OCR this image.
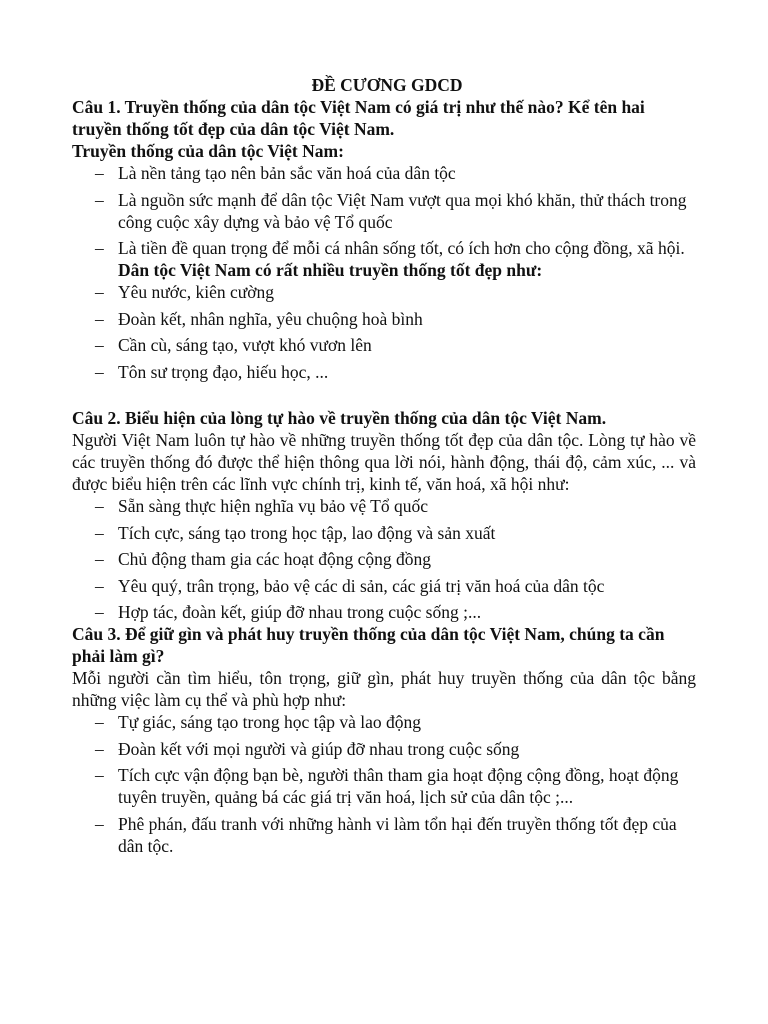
ĐỀ CƯƠNG GDCD

Câu 1. Truyền thống của dân tộc Việt Nam có giá trị như thế nào? Kể tên hai truyền thống tốt đẹp của dân tộc Việt Nam.

Truyền thống của dân tộc Việt Nam:

– Là nền tảng tạo nên bản sắc văn hoá của dân tộc
– Là nguồn sức mạnh để dân tộc Việt Nam vượt qua mọi khó khăn, thử thách trong công cuộc xây dựng và bảo vệ Tổ quốc
– Là tiền đề quan trọng để mỗi cá nhân sống tốt, có ích hơn cho cộng đồng, xã hội.

Dân tộc Việt Nam có rất nhiều truyền thống tốt đẹp như:

– Yêu nước, kiên cường
– Đoàn kết, nhân nghĩa, yêu chuộng hoà bình
– Cần cù, sáng tạo, vượt khó vươn lên
– Tôn sư trọng đạo, hiếu học, ...

Câu 2. Biểu hiện của lòng tự hào về truyền thống của dân tộc Việt Nam.

Người Việt Nam luôn tự hào về những truyền thống tốt đẹp của dân tộc. Lòng tự hào về các truyền thống đó được thể hiện thông qua lời nói, hành động, thái độ, cảm xúc, ... và được biểu hiện trên các lĩnh vực chính trị, kinh tế, văn hoá, xã hội như:

– Sẵn sàng thực hiện nghĩa vụ bảo vệ Tổ quốc
– Tích cực, sáng tạo trong học tập, lao động và sản xuất
– Chủ động tham gia các hoạt động cộng đồng
– Yêu quý, trân trọng, bảo vệ các di sản, các giá trị văn hoá của dân tộc
– Hợp tác, đoàn kết, giúp đỡ nhau trong cuộc sống ;...

Câu 3. Để giữ gìn và phát huy truyền thống của dân tộc Việt Nam, chúng ta cần phải làm gì?

Mỗi người cần tìm hiểu, tôn trọng, giữ gìn, phát huy truyền thống của dân tộc bằng những việc làm cụ thể và phù hợp như:

– Tự giác, sáng tạo trong học tập và lao động
– Đoàn kết với mọi người và giúp đỡ nhau trong cuộc sống
– Tích cực vận động bạn bè, người thân tham gia hoạt động cộng đồng, hoạt động tuyên truyền, quảng bá các giá trị văn hoá, lịch sử của dân tộc ;...
– Phê phán, đấu tranh với những hành vi làm tổn hại đến truyền thống tốt đẹp của dân tộc.
